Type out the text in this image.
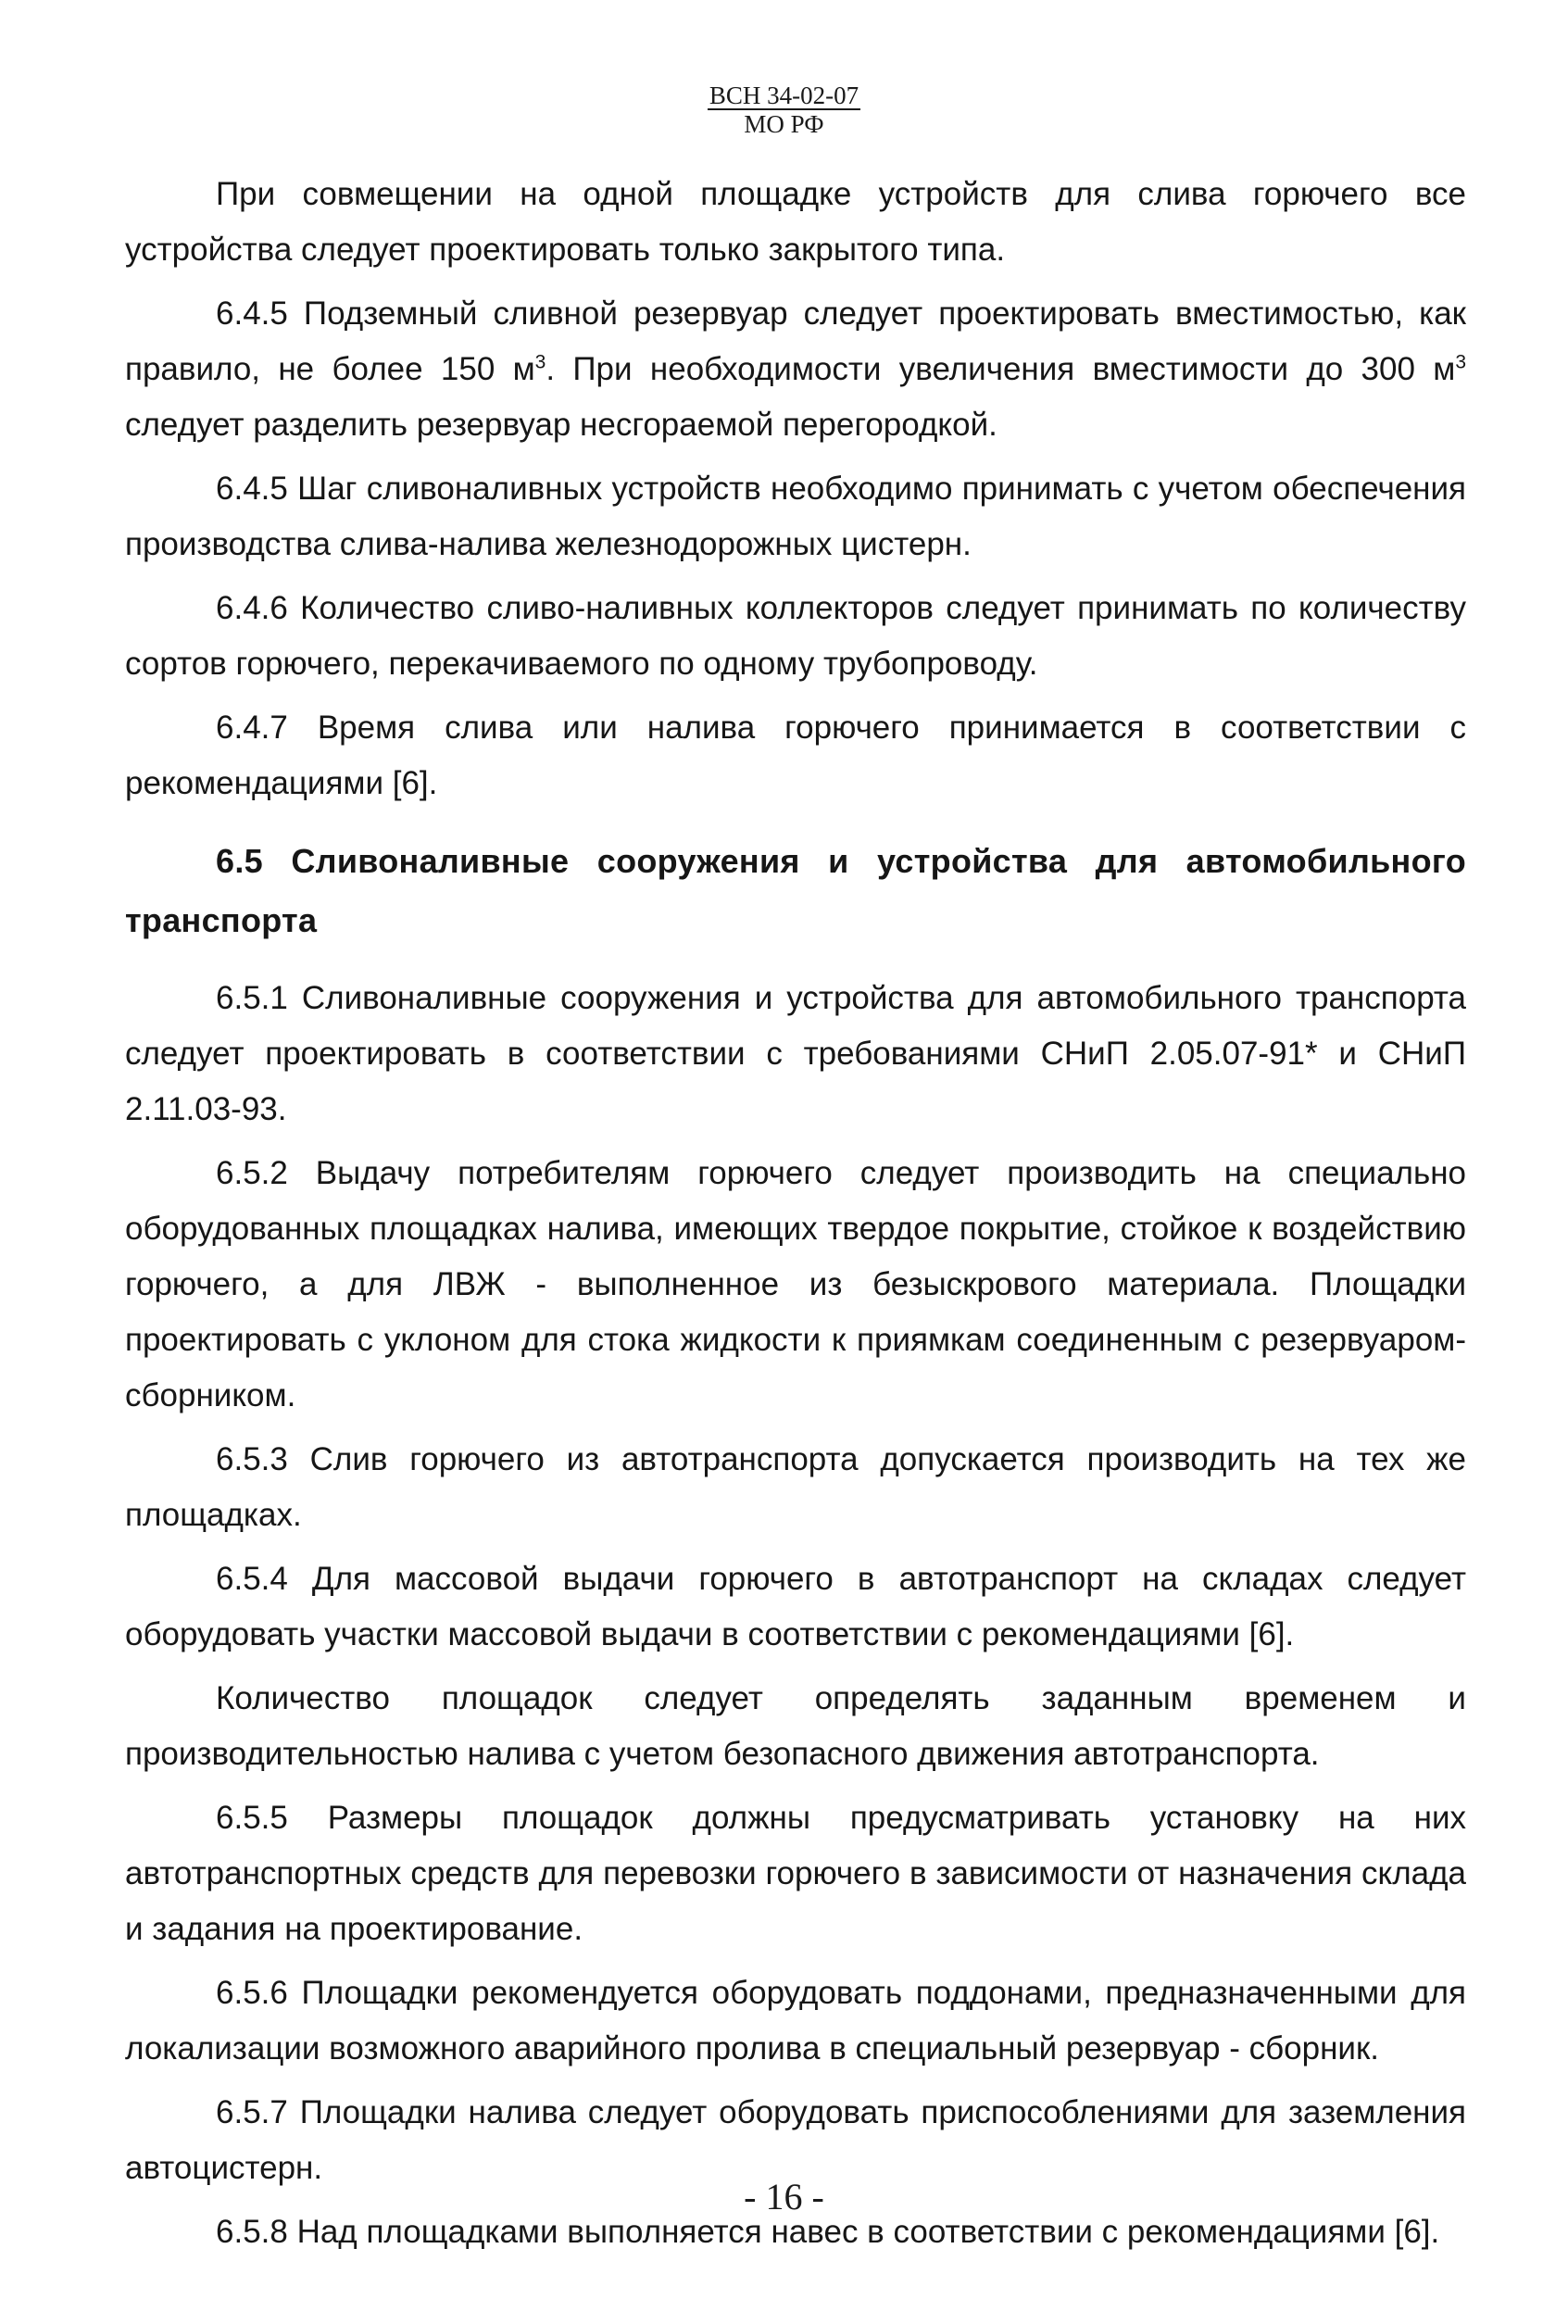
ВСН 34-02-07
МО РФ

При совмещении на одной площадке устройств для слива горючего все устройства следует проектировать только закрытого типа.

6.4.5 Подземный сливной резервуар следует проектировать вместимостью, как правило, не более 150 $м^3$. При необходимости увеличения вместимости до 300 $м^3$ следует разделить резервуар несгораемой перегородкой.

6.4.5 Шаг сливоналивных устройств необходимо принимать с учетом обеспечения производства слива-налива железнодорожных цистерн.

6.4.6 Количество сливо-наливных коллекторов следует принимать по количеству сортов горючего, перекачиваемого по одному трубопроводу.

6.4.7 Время слива или налива горючего принимается в соответствии с рекомендациями [6].

6.5 Сливоналивные сооружения и устройства для автомобильного транспорта

6.5.1 Сливоналивные сооружения и устройства для автомобильного транспорта следует проектировать в соответствии с требованиями СНиП 2.05.07-91* и СНиП 2.11.03-93.

6.5.2 Выдачу потребителям горючего следует производить на специально оборудованных площадках налива, имеющих твердое покрытие, стойкое к воздействию горючего, а для ЛВЖ - выполненное из безыскрового материала. Площадки проектировать с уклоном для стока жидкости к приямкам соединенным с резервуаром-сборником.

6.5.3 Слив горючего из автотранспорта допускается производить на тех же площадках.

6.5.4 Для массовой выдачи горючего в автотранспорт на складах следует оборудовать участки массовой выдачи в соответствии с рекомендациями [6].

Количество площадок следует определять заданным временем и производительностью налива с учетом безопасного движения автотранспорта.

6.5.5 Размеры площадок должны предусматривать установку на них автотранспортных средств для перевозки горючего в зависимости от назначения склада и задания на проектирование.

6.5.6 Площадки рекомендуется оборудовать поддонами, предназначенными для локализации возможного аварийного пролива в специальный резервуар - сборник.

6.5.7 Площадки налива следует оборудовать приспособлениями для заземления автоцистерн.

6.5.8 Над площадками выполняется навес в соответствии с рекомендациями [6].

- 16 -
